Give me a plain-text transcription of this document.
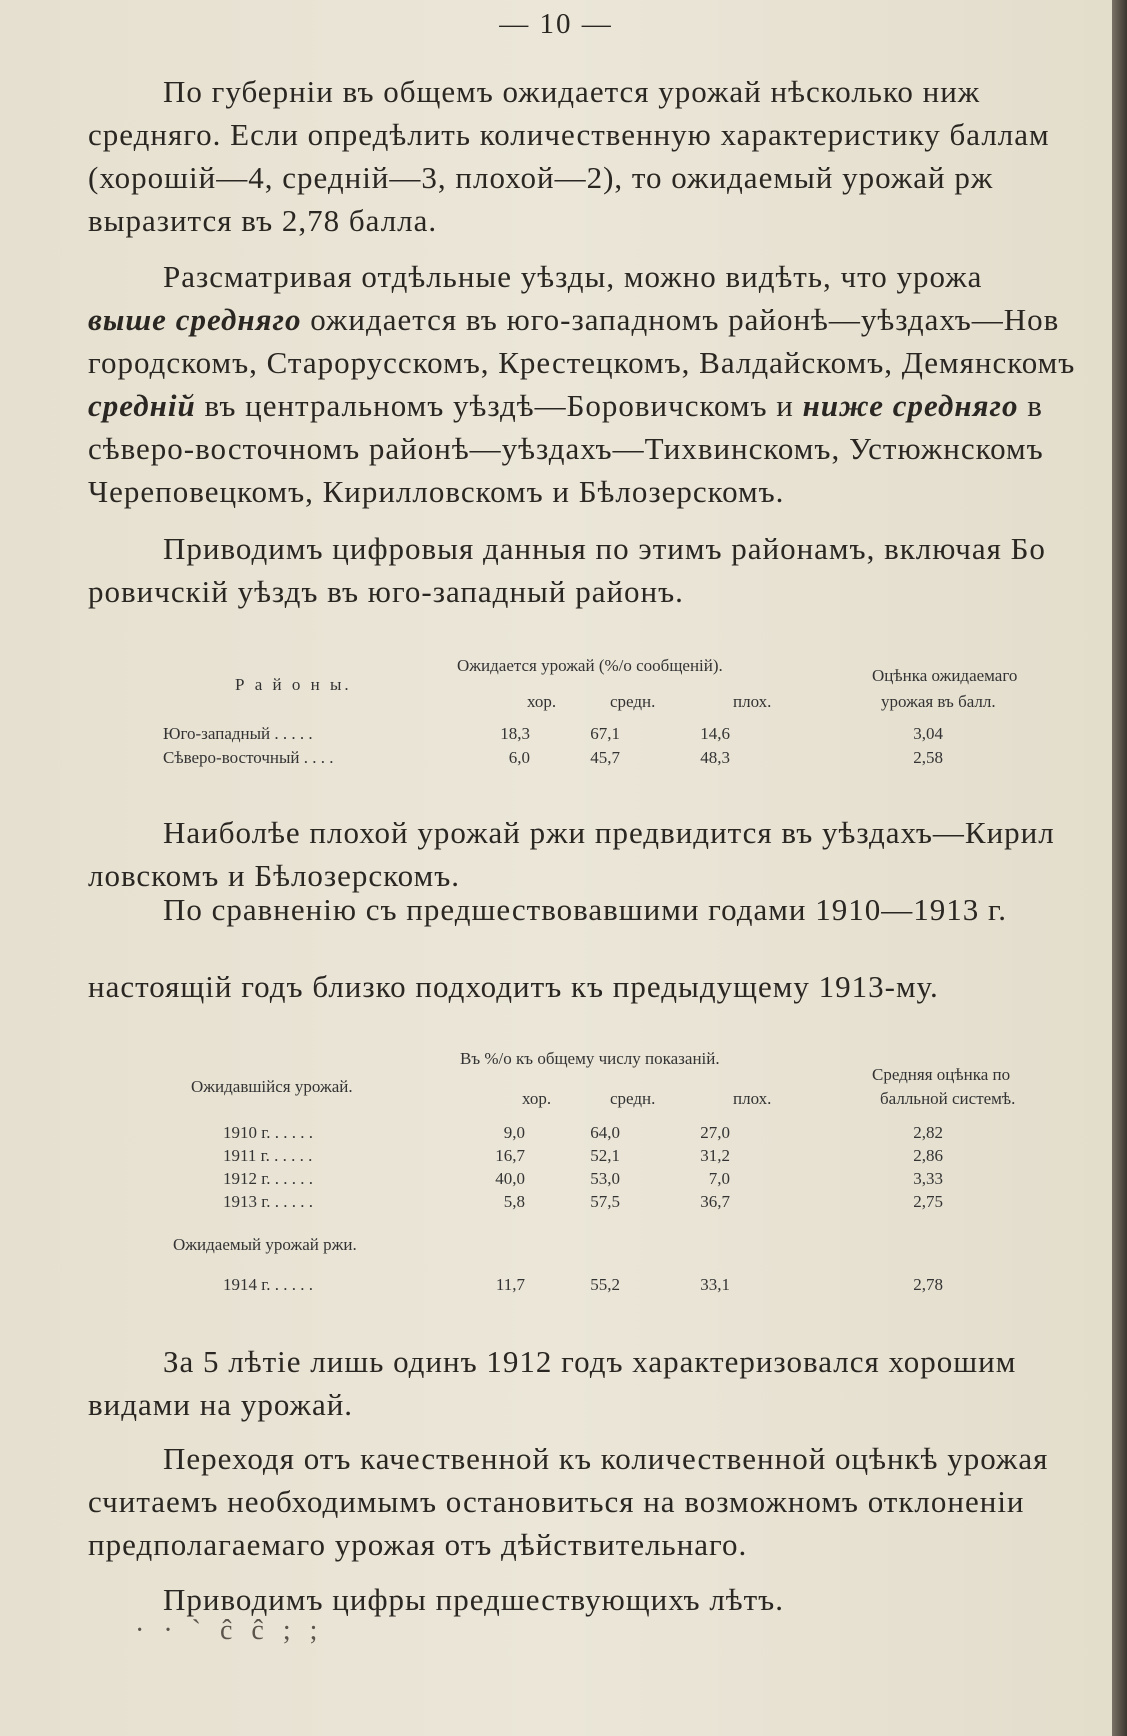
— 10 —
По губерніи въ общемъ ожидается урожай нѣсколько ниж
средняго. Если опредѣлить количественную характеристику баллам
(хорошій—4, средній—3, плохой—2), то ожидаемый урожай рж
выразится въ 2,78 балла.
Разсматривая отдѣльные уѣзды, можно видѣть, что урожа
выше средняго ожидается въ юго-западномъ районѣ—уѣздахъ—Нов
городскомъ, Старорусскомъ, Крестецкомъ, Валдайскомъ, Демянскомъ
средній въ центральномъ уѣздѣ—Боровичскомъ и ниже средняго в
сѣверо-восточномъ районѣ—уѣздахъ—Тихвинскомъ, Устюжнскомъ
Череповецкомъ, Кирилловскомъ и Бѣлозерскомъ.
Приводимъ цифровыя данныя по этимъ районамъ, включая Бо
ровичскій уѣздъ въ юго-западный районъ.
Р а й о н ы.
Ожидается урожай (%/о сообщеній).
хор.	средн.	плох.
Оцѣнка ожидаемаго
урожая въ балл.
Юго-западный . . . . .	18,3	67,1	14,6	3,04
Сѣверо-восточный . . . .	6,0	45,7	48,3	2,58
Наиболѣе плохой урожай ржи предвидится въ уѣздахъ—Кирил
ловскомъ и Бѣлозерскомъ.
По сравненію съ предшествовавшими годами 1910—1913 г.
настоящій годъ близко подходитъ къ предыдущему 1913-му.
Ожидавшійся урожай.
Въ %/о къ общему числу показаній.
хор.	средн.	плох.
Средняя оцѣнка по
балльной системѣ.
1910 г. . . . . .	9,0	64,0	27,0	2,82
1911 г. . . . . .	16,7	52,1	31,2	2,86
1912 г. . . . . .	40,0	53,0	7,0	3,33
1913 г. . . . . .	5,8	57,5	36,7	2,75
Ожидаемый урожай ржи.
1914 г. . . . . .	11,7	55,2	33,1	2,78
За 5 лѣтіе лишь одинъ 1912 годъ характеризовался хорошим
видами на урожай.
Переходя отъ качественной къ количественной оцѣнкѣ урожая
считаемъ необходимымъ остановиться на возможномъ отклоненіи
предполагаемаго урожая отъ дѣйствительнаго.
Приводимъ цифры предшествующихъ лѣтъ.
· · ˋ ĉ ĉ ; ;
